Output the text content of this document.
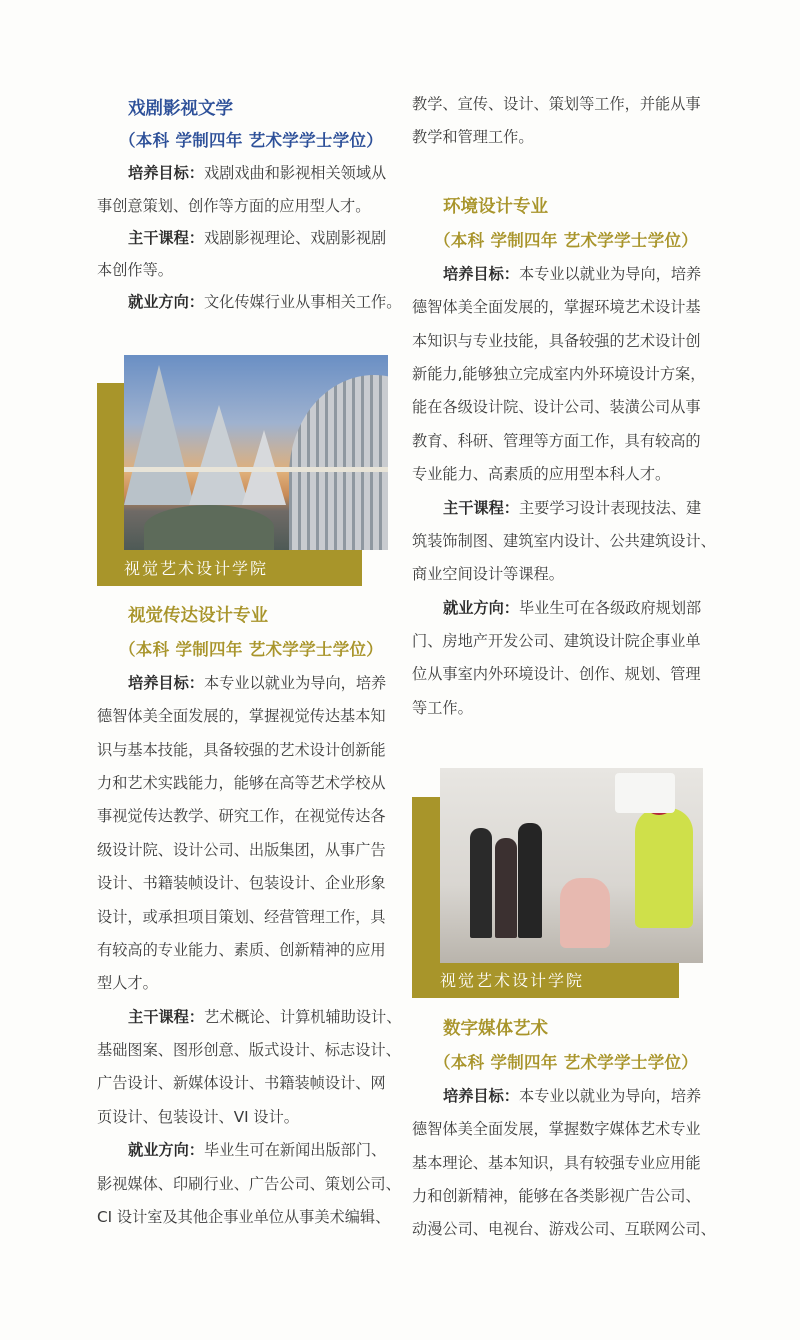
戏剧影视文学
（本科 学制四年 艺术学学士学位）
培养目标：戏剧戏曲和影视相关领域从
事创意策划、创作等方面的应用型人才。
主干课程：戏剧影视理论、戏剧影视剧
本创作等。
就业方向：文化传媒行业从事相关工作。
视觉艺术设计学院
视觉传达设计专业
（本科 学制四年 艺术学学士学位）
培养目标：本专业以就业为导向，培养
德智体美全面发展的，掌握视觉传达基本知
识与基本技能，具备较强的艺术设计创新能
力和艺术实践能力，能够在高等艺术学校从
事视觉传达教学、研究工作，在视觉传达各
级设计院、设计公司、出版集团，从事广告
设计、书籍装帧设计、包装设计、企业形象
设计，或承担项目策划、经营管理工作，具
有较高的专业能力、素质、创新精神的应用
型人才。
主干课程：艺术概论、计算机辅助设计、
基础图案、图形创意、版式设计、标志设计、
广告设计、新媒体设计、书籍装帧设计、网
页设计、包装设计、VI 设计。
就业方向：毕业生可在新闻出版部门、
影视媒体、印刷行业、广告公司、策划公司、
CI 设计室及其他企事业单位从事美术编辑、
教学、宣传、设计、策划等工作，并能从事
教学和管理工作。
环境设计专业
（本科 学制四年 艺术学学士学位）
培养目标：本专业以就业为导向，培养
德智体美全面发展的，掌握环境艺术设计基
本知识与专业技能，具备较强的艺术设计创
新能力,能够独立完成室内外环境设计方案，
能在各级设计院、设计公司、装潢公司从事
教育、科研、管理等方面工作，具有较高的
专业能力、高素质的应用型本科人才。
主干课程：主要学习设计表现技法、建
筑装饰制图、建筑室内设计、公共建筑设计、
商业空间设计等课程。
就业方向：毕业生可在各级政府规划部
门、房地产开发公司、建筑设计院企事业单
位从事室内外环境设计、创作、规划、管理
等工作。
视觉艺术设计学院
数字媒体艺术
（本科 学制四年 艺术学学士学位）
培养目标：本专业以就业为导向，培养
德智体美全面发展，掌握数字媒体艺术专业
基本理论、基本知识，具有较强专业应用能
力和创新精神，能够在各类影视广告公司、
动漫公司、电视台、游戏公司、互联网公司、
